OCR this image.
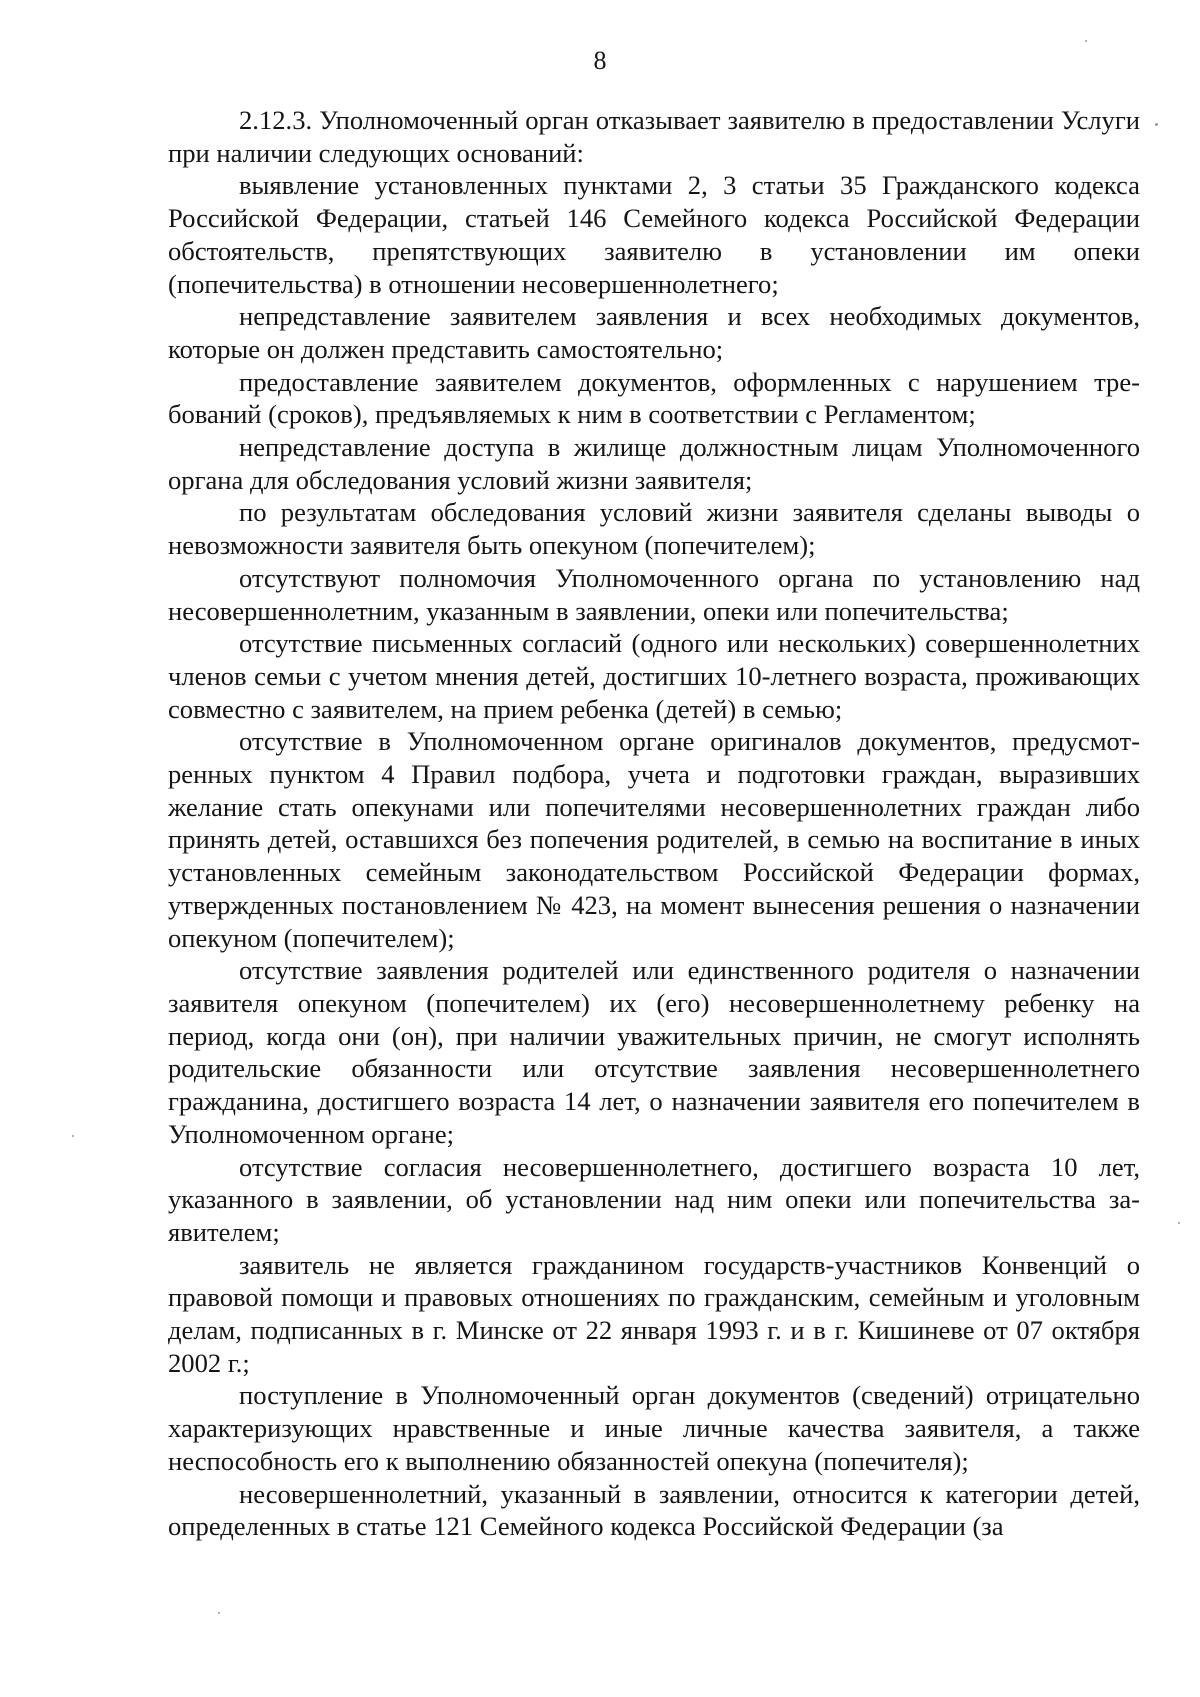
8

2.12.3. Уполномоченный орган отказывает заявителю в предоставлении Услуги при наличии следующих оснований:

выявление установленных пунктами 2, 3 статьи 35 Гражданского кодекса Российской Федерации, статьей 146 Семейного кодекса Российской Федерации обстоятельств, препятствующих заявителю в установлении им опеки (попечительства) в отношении несовершеннолетнего;

непредставление заявителем заявления и всех необходимых документов, которые он должен представить самостоятельно;

предоставление заявителем документов, оформленных с нарушением требований (сроков), предъявляемых к ним в соответствии с Регламентом;

непредставление доступа в жилище должностным лицам Уполномоченного органа для обследования условий жизни заявителя;

по результатам обследования условий жизни заявителя сделаны выводы о невозможности заявителя быть опекуном (попечителем);

отсутствуют полномочия Уполномоченного органа по установлению над несовершеннолетним, указанным в заявлении, опеки или попечительства;

отсутствие письменных согласий (одного или нескольких) совершеннолетних членов семьи с учетом мнения детей, достигших 10-летнего возраста, проживающих совместно с заявителем, на прием ребенка (детей) в семью;

отсутствие в Уполномоченном органе оригиналов документов, предусмотренных пунктом 4 Правил подбора, учета и подготовки граждан, выразивших желание стать опекунами или попечителями несовершеннолетних граждан либо принять детей, оставшихся без попечения родителей, в семью на воспитание в иных установленных семейным законодательством Российской Федерации формах, утвержденных постановлением № 423, на момент вынесения решения о назначении опекуном (попечителем);

отсутствие заявления родителей или единственного родителя о назначении заявителя опекуном (попечителем) их (его) несовершеннолетнему ребенку на период, когда они (он), при наличии уважительных причин, не смогут исполнять родительские обязанности или отсутствие заявления несовершеннолетнего гражданина, достигшего возраста 14 лет, о назначении заявителя его попечителем в Уполномоченном органе;

отсутствие согласия несовершеннолетнего, достигшего возраста 10 лет, указанного в заявлении, об установлении над ним опеки или попечительства заявителем;

заявитель не является гражданином государств-участников Конвенций о правовой помощи и правовых отношениях по гражданским, семейным и уголовным делам, подписанных в г. Минске от 22 января 1993 г. и в г. Кишиневе от 07 октября 2002 г.;

поступление в Уполномоченный орган документов (сведений) отрицательно характеризующих нравственные и иные личные качества заявителя, а также неспособность его к выполнению обязанностей опекуна (попечителя);

несовершеннолетний, указанный в заявлении, относится к категории детей, определенных в статье 121 Семейного кодекса Российской Федерации (за
